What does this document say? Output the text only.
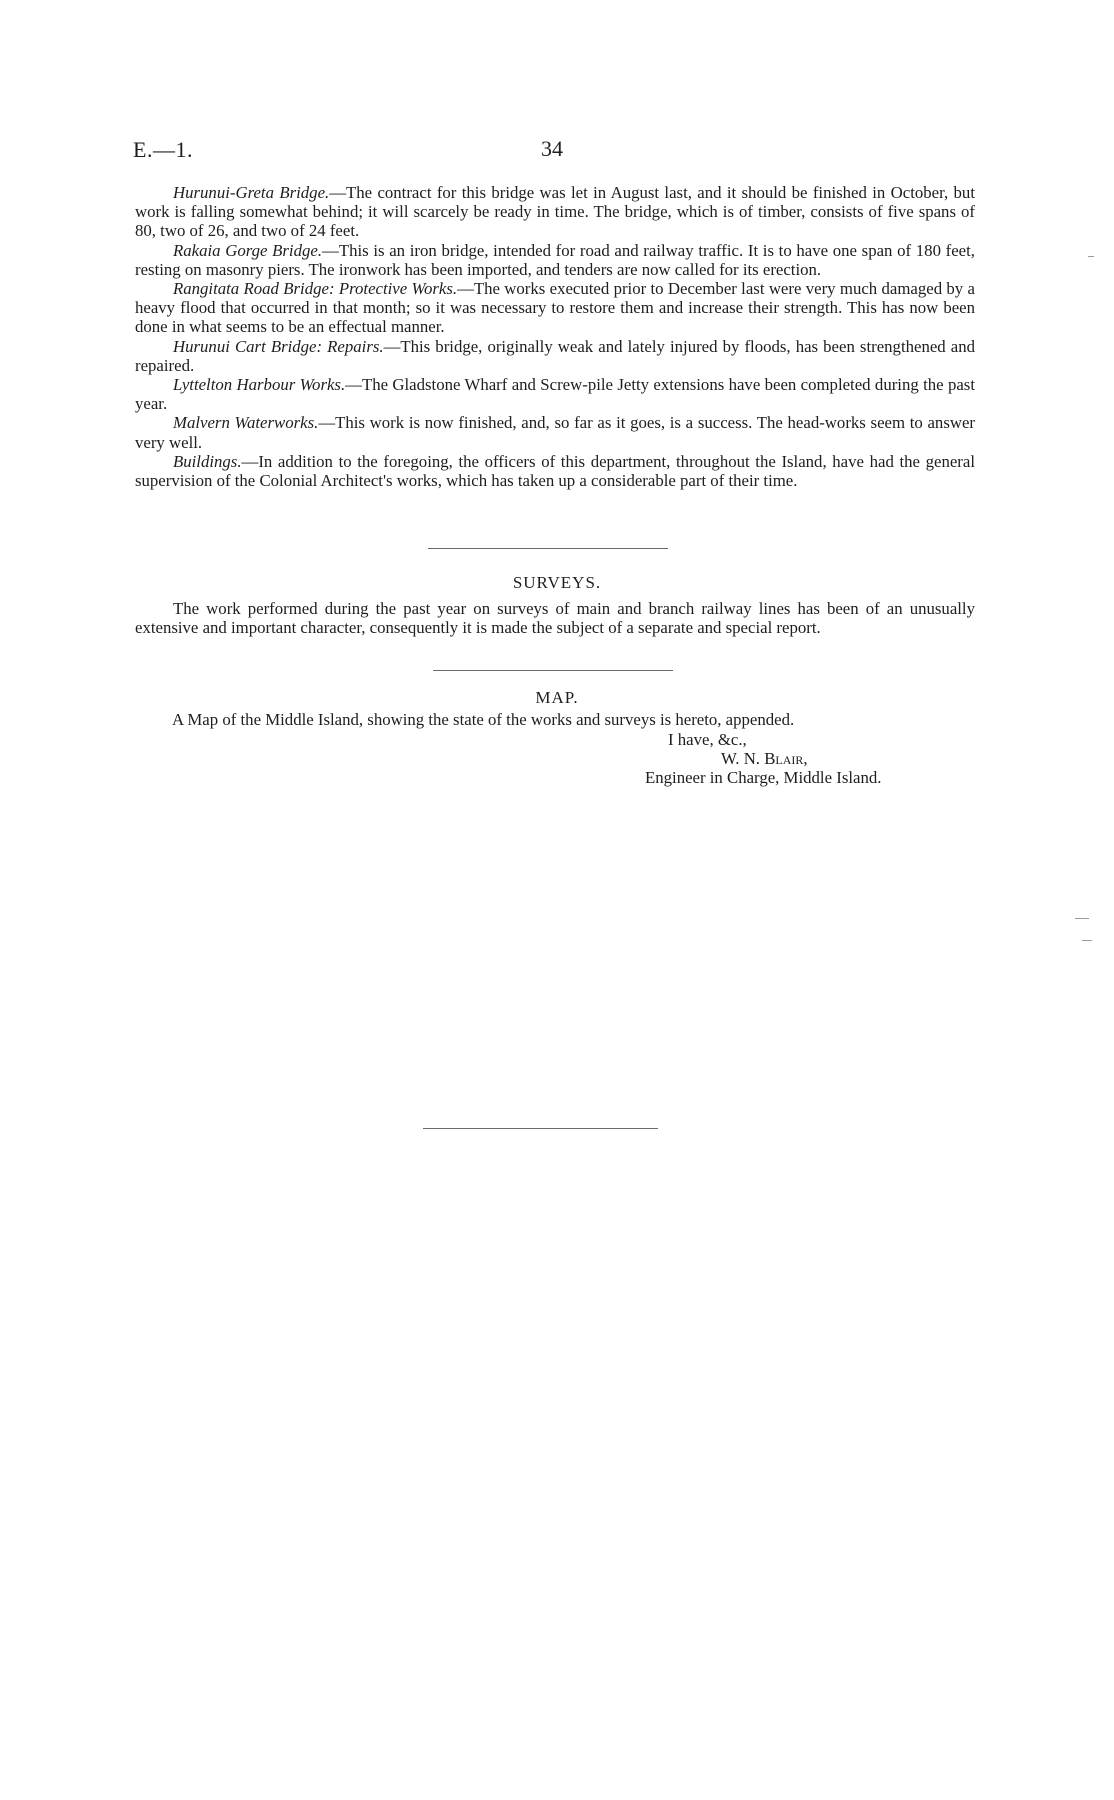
E.—1.	34

Hurunui-Greta Bridge.—The contract for this bridge was let in August last, and it should be finished in October, but work is falling somewhat behind; it will scarcely be ready in time. The bridge, which is of timber, consists of five spans of 80, two of 26, and two of 24 feet.

Rakaia Gorge Bridge.—This is an iron bridge, intended for road and railway traffic. It is to have one span of 180 feet, resting on masonry piers. The ironwork has been imported, and tenders are now called for its erection.

Rangitata Road Bridge: Protective Works.—The works executed prior to December last were very much damaged by a heavy flood that occurred in that month; so it was necessary to restore them and increase their strength. This has now been done in what seems to be an effectual manner.

Hurunui Cart Bridge: Repairs.—This bridge, originally weak and lately injured by floods, has been strengthened and repaired.

Lyttelton Harbour Works.—The Gladstone Wharf and Screw-pile Jetty extensions have been completed during the past year.

Malvern Waterworks.—This work is now finished, and, so far as it goes, is a success. The head-works seem to answer very well.

Buildings.—In addition to the foregoing, the officers of this department, throughout the Island, have had the general supervision of the Colonial Architect's works, which has taken up a considerable part of their time.

SURVEYS.

The work performed during the past year on surveys of main and branch railway lines has been of an unusually extensive and important character, consequently it is made the subject of a separate and special report.

MAP.
A Map of the Middle Island, showing the state of the works and surveys is hereto, appended.
I have, &c.,
W. N. Blair,
Engineer in Charge, Middle Island.
